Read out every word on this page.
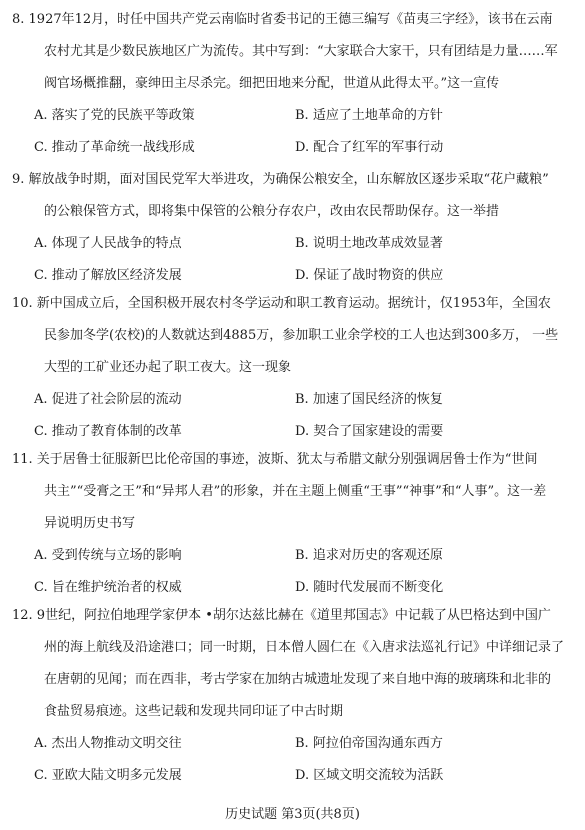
8. 1927年12月，时任中国共产党云南临时省委书记的王德三编写《苗夷三字经》，该书在云南
农村尤其是少数民族地区广为流传。其中写到：“大家联合大家干，只有团结是力量……军
阀官场概推翻，豪绅田主尽杀完。细把田地来分配，世道从此得太平。”这一宣传
A. 落实了党的民族平等政策	B. 适应了土地革命的方针
C. 推动了革命统一战线形成	D. 配合了红军的军事行动
9. 解放战争时期，面对国民党军大举进攻，为确保公粮安全，山东解放区逐步采取“花户藏粮”
的公粮保管方式，即将集中保管的公粮分存农户，改由农民帮助保存。这一举措
A. 体现了人民战争的特点	B. 说明土地改革成效显著
C. 推动了解放区经济发展	D. 保证了战时物资的供应
10. 新中国成立后，全国积极开展农村冬学运动和职工教育运动。据统计，仅1953年，全国农
民参加冬学(农校)的人数就达到4885万，参加职工业余学校的工人也达到300多万， 一些
大型的工矿业还办起了职工夜大。这一现象
A. 促进了社会阶层的流动	B. 加速了国民经济的恢复
C. 推动了教育体制的改革	D. 契合了国家建设的需要
11. 关于居鲁士征服新巴比伦帝国的事迹，波斯、犹太与希腊文献分别强调居鲁士作为“世间
共主”“受膏之王”和“异邦人君”的形象，并在主题上侧重“王事”“神事”和“人事”。这一差
异说明历史书写
A. 受到传统与立场的影响	B. 追求对历史的客观还原
C. 旨在维护统治者的权威	D. 随时代发展而不断变化
12. 9世纪，阿拉伯地理学家伊本 •胡尔达兹比赫在《道里邦国志》中记载了从巴格达到中国广
州的海上航线及沿途港口；同一时期，日本僧人圆仁在《入唐求法巡礼行记》中详细记录了
在唐朝的见闻；而在西非，考古学家在加纳古城遗址发现了来自地中海的玻璃珠和北非的
食盐贸易痕迹。这些记载和发现共同印证了中古时期
A. 杰出人物推动文明交往	B. 阿拉伯帝国沟通东西方
C. 亚欧大陆文明多元发展	D. 区域文明交流较为活跃
历史试题 第3页(共8页)
